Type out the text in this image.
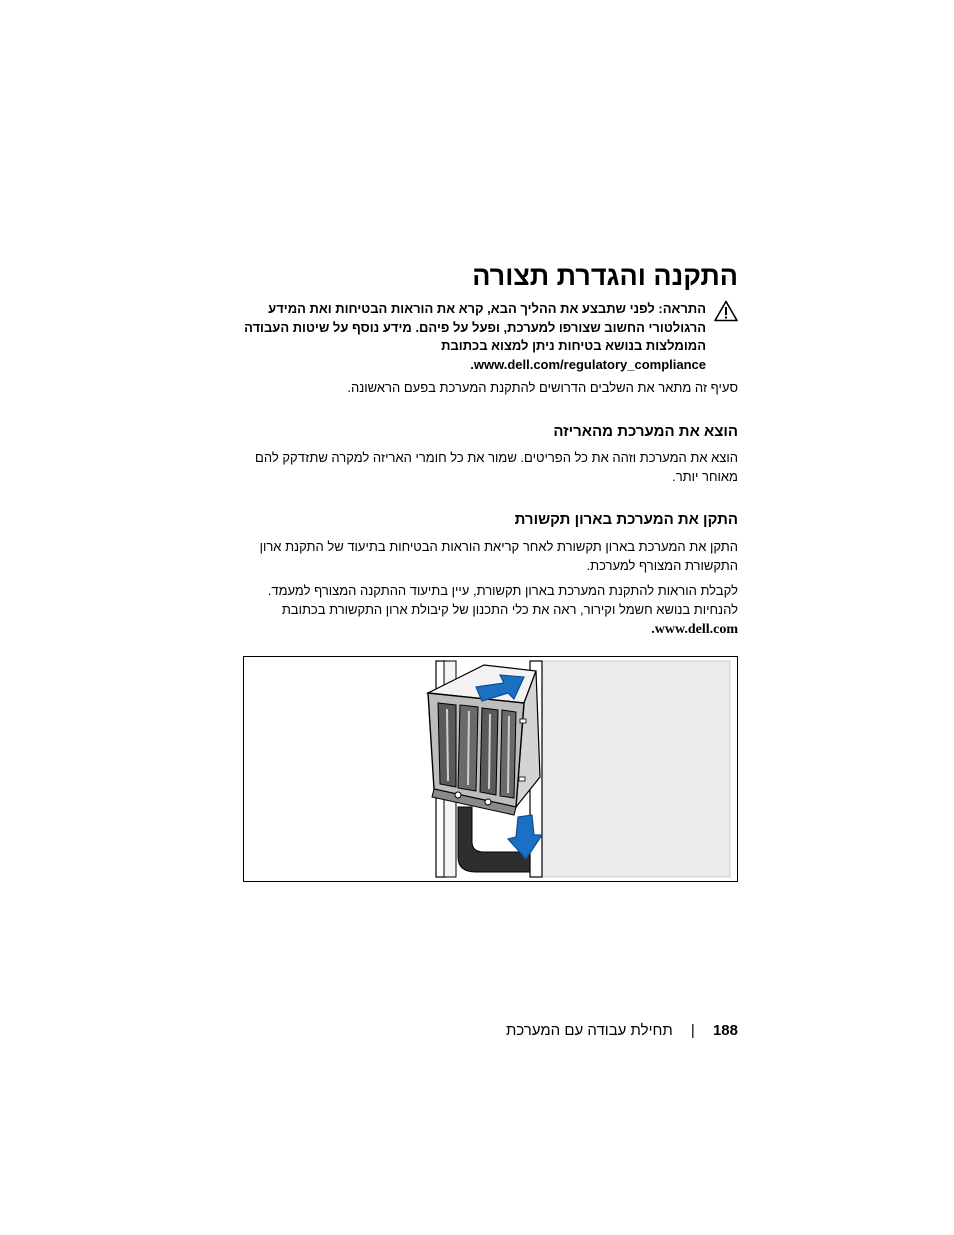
התקנה והגדרת תצורה

התראה: לפני שתבצע את ההליך הבא, קרא את הוראות הבטיחות ואת המידע הרגולטורי החשוב שצורפו למערכת, ופעל על פיהם. מידע נוסף על שיטות העבודה המומלצות בנושא בטיחות ניתן למצוא בכתובת
www.dell.com/regulatory_compliance.

סעיף זה מתאר את השלבים הדרושים להתקנת המערכת בפעם הראשונה.

הוצא את המערכת מהאריזה

הוצא את המערכת וזהה את כל הפריטים. שמור את כל חומרי האריזה למקרה שתזדקק להם מאוחר יותר.

התקן את המערכת בארון תקשורת

התקן את המערכת בארון תקשורת לאחר קריאת הוראות הבטיחות בתיעוד של התקנת ארון התקשורת המצורף למערכת.

לקבלת הוראות להתקנת המערכת בארון תקשורת, עיין בתיעוד ההתקנה המצורף למעמד. להנחיות בנושא חשמל וקירור, ראה את כלי התכנון של קיבולת ארון התקשורת בכתובת
www.dell.com.

188 | תחילת עבודה עם המערכת
